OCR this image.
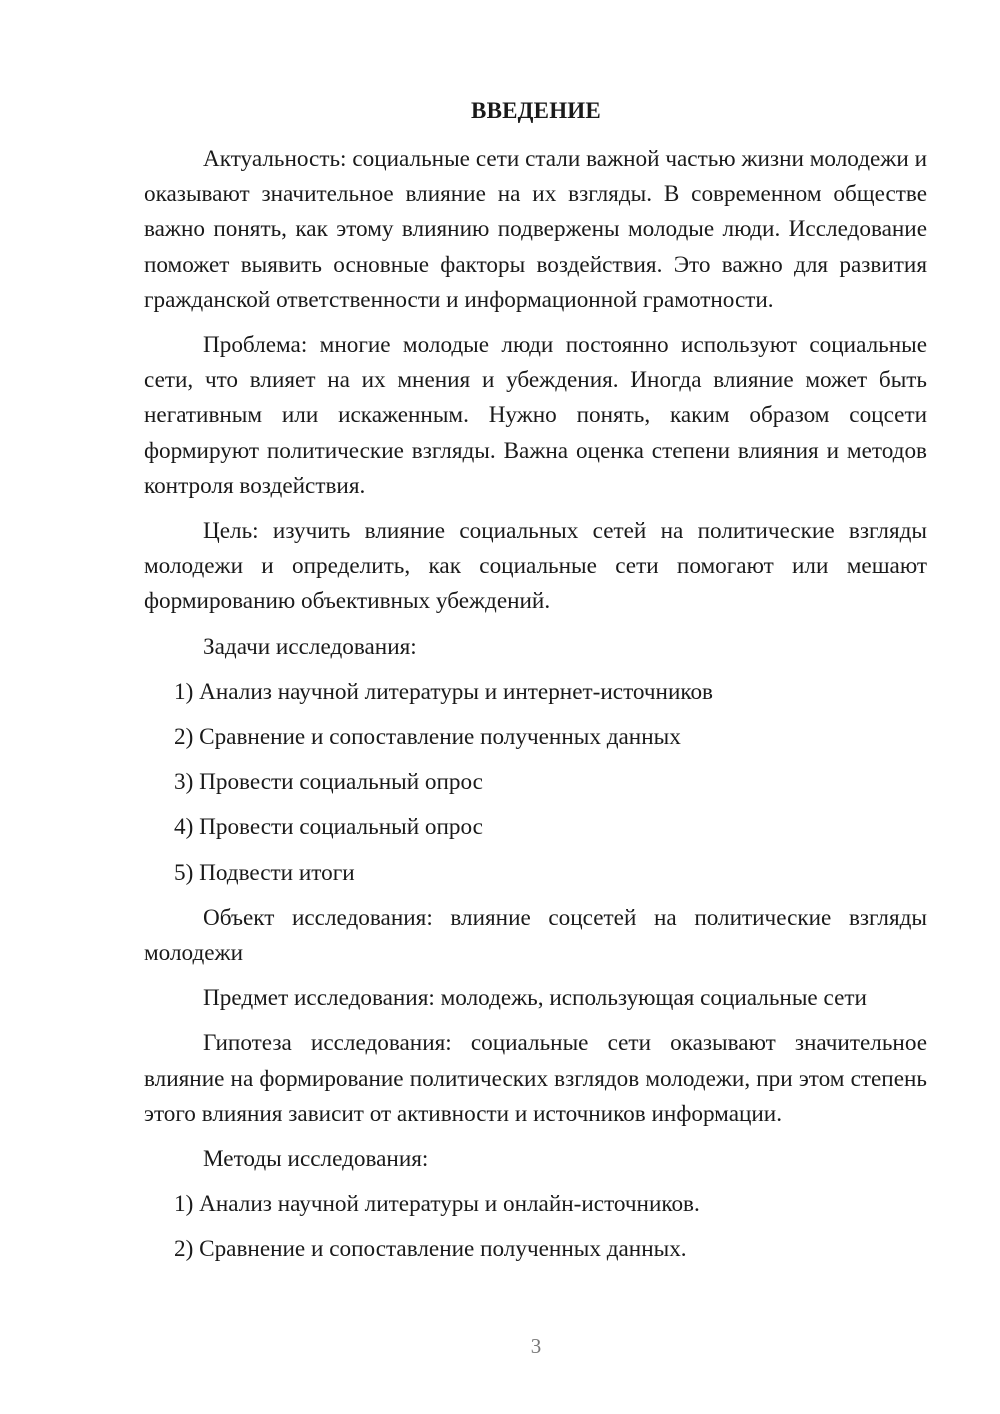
ВВЕДЕНИЕ

Актуальность: социальные сети стали важной частью жизни молодежи и оказывают значительное влияние на их взгляды. В современном обществе важно понять, как этому влиянию подвержены молодые люди. Исследование поможет выявить основные факторы воздействия. Это важно для развития гражданской ответственности и информационной грамотности.

Проблема: многие молодые люди постоянно используют социальные сети, что влияет на их мнения и убеждения. Иногда влияние может быть негативным или искаженным. Нужно понять, каким образом соцсети формируют политические взгляды. Важна оценка степени влияния и методов контроля воздействия.

Цель: изучить влияние социальных сетей на политические взгляды молодежи и определить, как социальные сети помогают или мешают формированию объективных убеждений.

Задачи исследования:

1) Анализ научной литературы и интернет-источников
2) Сравнение и сопоставление полученных данных
3) Провести социальный опрос
4) Провести социальный опрос
5) Подвести итоги

Объект исследования: влияние соцсетей на политические взгляды молодежи

Предмет исследования: молодежь, использующая социальные сети

Гипотеза исследования: социальные сети оказывают значительное влияние на формирование политических взглядов молодежи, при этом степень этого влияния зависит от активности и источников информации.

Методы исследования:

1) Анализ научной литературы и онлайн-источников.
2) Сравнение и сопоставление полученных данных.
3
